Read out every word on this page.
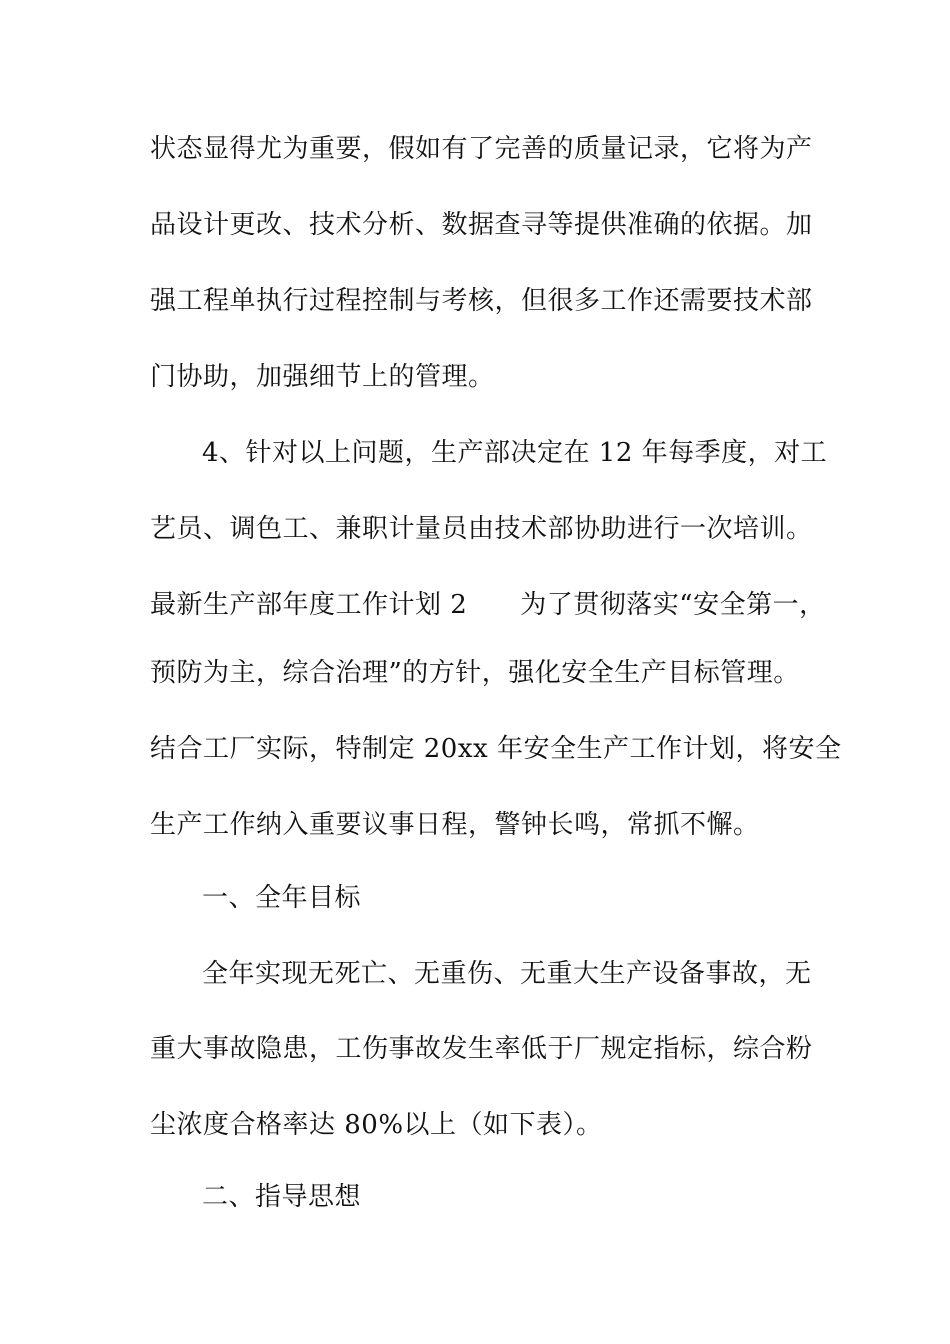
状态显得尤为重要，假如有了完善的质量记录，它将为产
品设计更改、技术分析、数据查寻等提供准确的依据。加
强工程单执行过程控制与考核，但很多工作还需要技术部
门协助，加强细节上的管理。
4、针对以上问题，生产部决定在 12 年每季度，对工
艺员、调色工、兼职计量员由技术部协助进行一次培训。
最新生产部年度工作计划 2　　为了贯彻落实“安全第一，
预防为主，综合治理”的方针，强化安全生产目标管理。
结合工厂实际，特制定 20xx 年安全生产工作计划，将安全
生产工作纳入重要议事日程，警钟长鸣，常抓不懈。
一、全年目标
全年实现无死亡、无重伤、无重大生产设备事故，无
重大事故隐患，工伤事故发生率低于厂规定指标，综合粉
尘浓度合格率达 80%以上（如下表）。
二、指导思想
